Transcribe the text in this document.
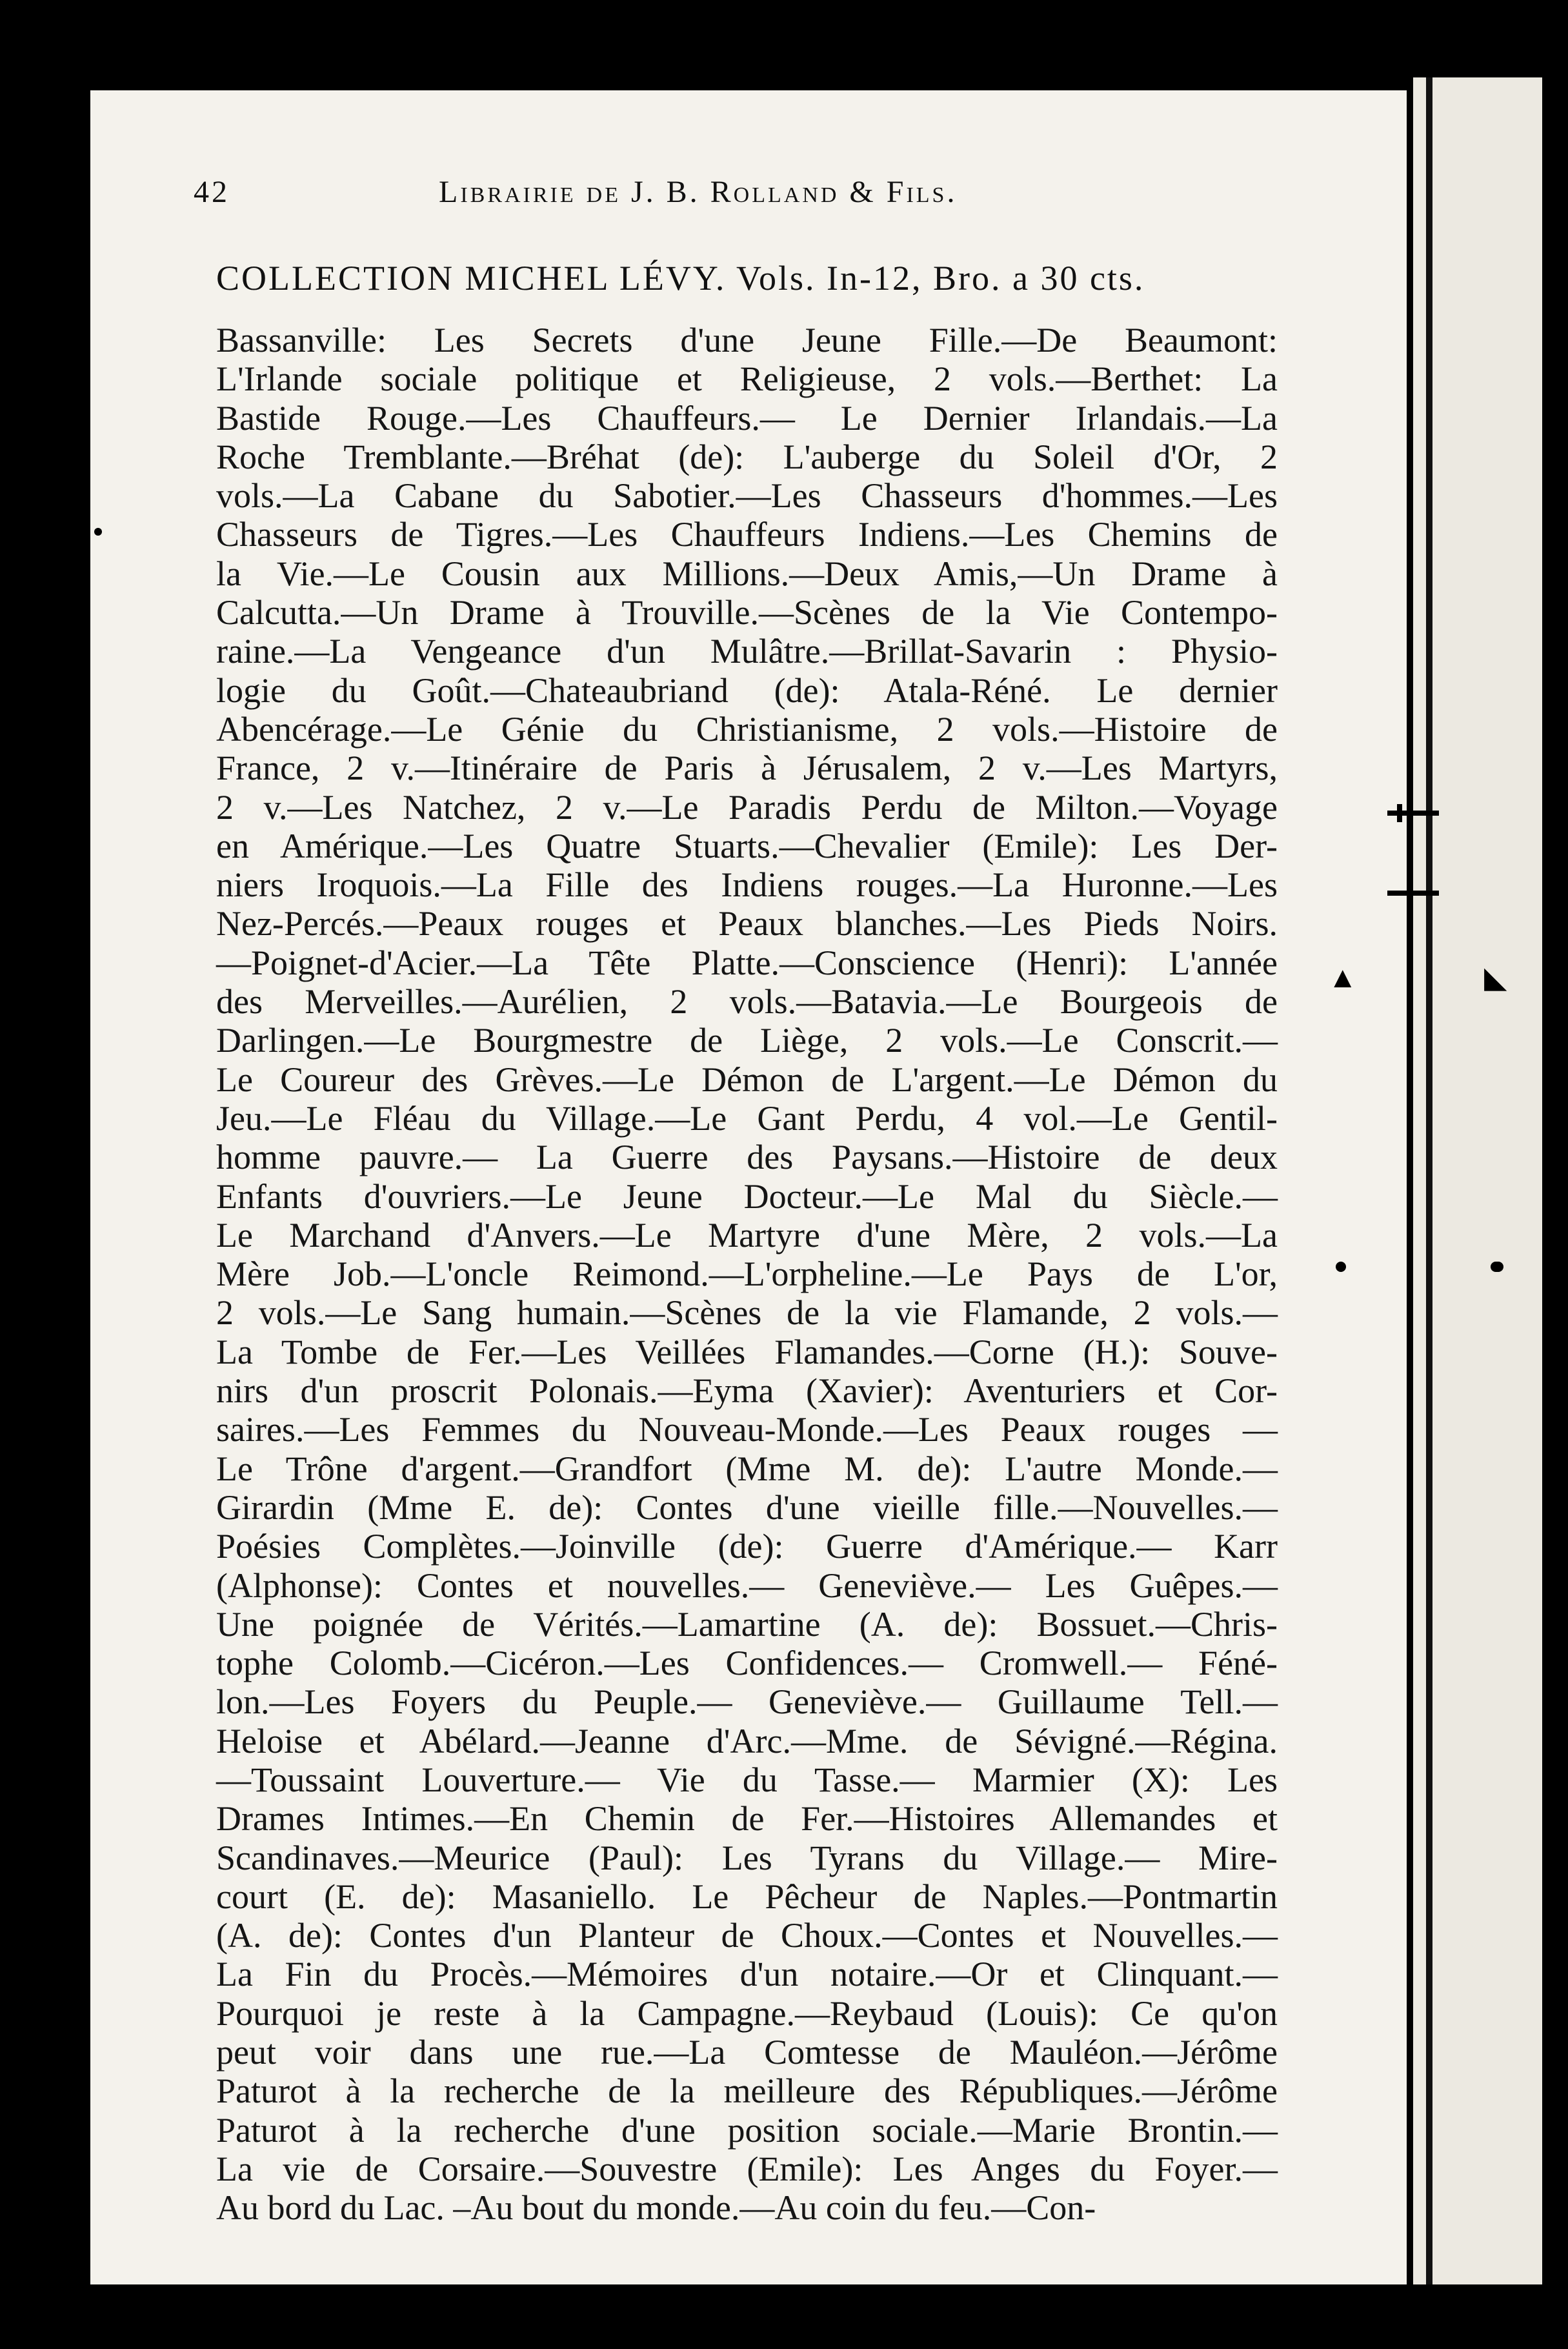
▲	◣
42	Librairie de J. B. Rolland & Fils.
COLLECTION MICHEL LÉVY. Vols. In-12, Bro. a 30 cts.
Bassanville: Les Secrets d'une Jeune Fille.—De Beaumont:
L'Irlande sociale politique et Religieuse, 2 vols.—Berthet: La
Bastide Rouge.—Les Chauffeurs.— Le Dernier Irlandais.—La
Roche Tremblante.—Bréhat (de): L'auberge du Soleil d'Or, 2
vols.—La Cabane du Sabotier.—Les Chasseurs d'hommes.—Les
Chasseurs de Tigres.—Les Chauffeurs Indiens.—Les Chemins de
la Vie.—Le Cousin aux Millions.—Deux Amis,—Un Drame à
Calcutta.—Un Drame à Trouville.—Scènes de la Vie Contempo-
raine.—La Vengeance d'un Mulâtre.—Brillat-Savarin : Physio-
logie du Goût.—Chateaubriand (de): Atala-Réné. Le dernier
Abencérage.—Le Génie du Christianisme, 2 vols.—Histoire de
France, 2 v.—Itinéraire de Paris à Jérusalem, 2 v.—Les Martyrs,
2 v.—Les Natchez, 2 v.—Le Paradis Perdu de Milton.—Voyage
en Amérique.—Les Quatre Stuarts.—Chevalier (Emile): Les Der-
niers Iroquois.—La Fille des Indiens rouges.—La Huronne.—Les
Nez-Percés.—Peaux rouges et Peaux blanches.—Les Pieds Noirs.
—Poignet-d'Acier.—La Tête Platte.—Conscience (Henri): L'année
des Merveilles.—Aurélien, 2 vols.—Batavia.—Le Bourgeois de
Darlingen.—Le Bourgmestre de Liège, 2 vols.—Le Conscrit.—
Le Coureur des Grèves.—Le Démon de L'argent.—Le Démon du
Jeu.—Le Fléau du Village.—Le Gant Perdu, 4 vol.—Le Gentil-
homme pauvre.— La Guerre des Paysans.—Histoire de deux
Enfants d'ouvriers.—Le Jeune Docteur.—Le Mal du Siècle.—
Le Marchand d'Anvers.—Le Martyre d'une Mère, 2 vols.—La
Mère Job.—L'oncle Reimond.—L'orpheline.—Le Pays de L'or,
2 vols.—Le Sang humain.—Scènes de la vie Flamande, 2 vols.—
La Tombe de Fer.—Les Veillées Flamandes.—Corne (H.): Souve-
nirs d'un proscrit Polonais.—Eyma (Xavier): Aventuriers et Cor-
saires.—Les Femmes du Nouveau-Monde.—Les Peaux rouges —
Le Trône d'argent.—Grandfort (Mme M. de): L'autre Monde.—
Girardin (Mme E. de): Contes d'une vieille fille.—Nouvelles.—
Poésies Complètes.—Joinville (de): Guerre d'Amérique.— Karr
(Alphonse): Contes et nouvelles.— Geneviève.— Les Guêpes.—
Une poignée de Vérités.—Lamartine (A. de): Bossuet.—Chris-
tophe Colomb.—Cicéron.—Les Confidences.— Cromwell.— Féné-
lon.—Les Foyers du Peuple.— Geneviève.— Guillaume Tell.—
Heloise et Abélard.—Jeanne d'Arc.—Mme. de Sévigné.—Régina.
—Toussaint Louverture.— Vie du Tasse.— Marmier (X): Les
Drames Intimes.—En Chemin de Fer.—Histoires Allemandes et
Scandinaves.—Meurice (Paul): Les Tyrans du Village.— Mire-
court (E. de): Masaniello. Le Pêcheur de Naples.—Pontmartin
(A. de): Contes d'un Planteur de Choux.—Contes et Nouvelles.—
La Fin du Procès.—Mémoires d'un notaire.—Or et Clinquant.—
Pourquoi je reste à la Campagne.—Reybaud (Louis): Ce qu'on
peut voir dans une rue.—La Comtesse de Mauléon.—Jérôme
Paturot à la recherche de la meilleure des Républiques.—Jérôme
Paturot à la recherche d'une position sociale.—Marie Brontin.—
La vie de Corsaire.—Souvestre (Emile): Les Anges du Foyer.—
Au bord du Lac. –Au bout du monde.—Au coin du feu.—Con-
